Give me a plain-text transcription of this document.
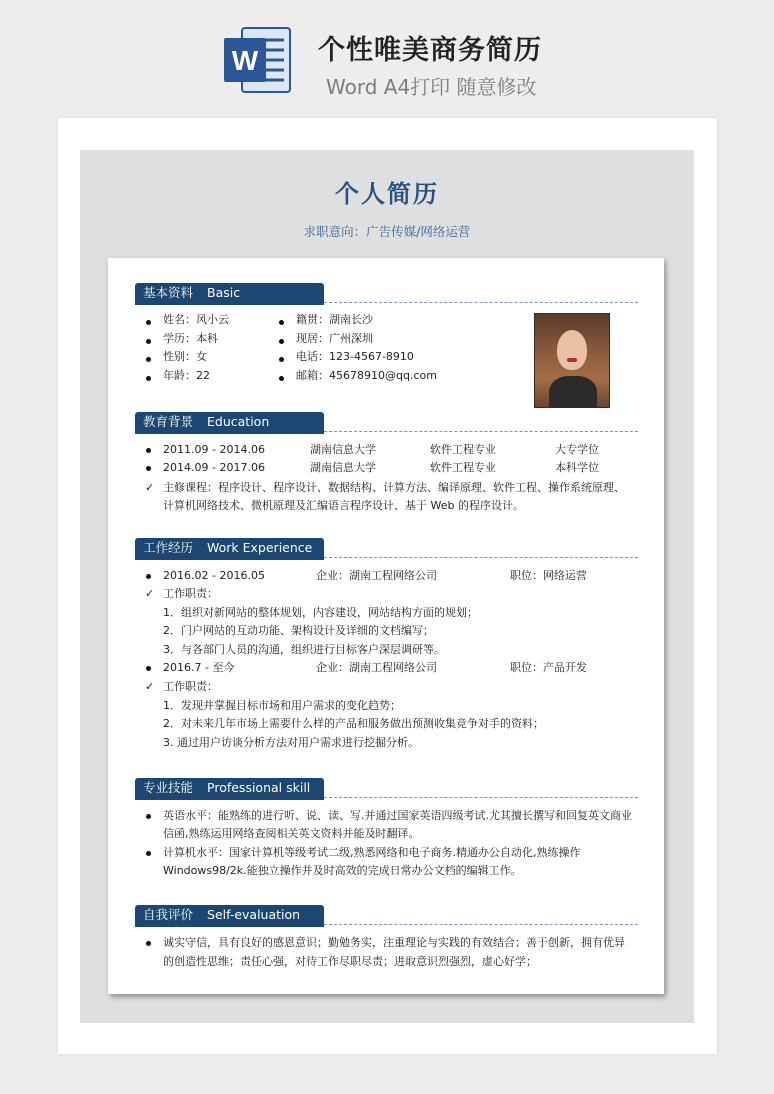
W 个性唯美商务简历
Word A4打印 随意修改
个人简历
求职意向：广告传媒/网络运营
基本资料 Basic
姓名：风小云
学历：本科
性别：女
年龄：22
籍贯：湖南长沙
现居：广州深圳
电话：123-4567-8910
邮箱：45678910@qq.com
教育背景 Education
2011.09 - 2014.06	湖南信息大学	软件工程专业	大专学位
2014.09 - 2017.06	湖南信息大学	软件工程专业	本科学位
✓ 主修课程：程序设计、程序设计、数据结构、计算方法、编译原理、软件工程、操作系统原理、
计算机网络技术、微机原理及汇编语言程序设计、基于 Web 的程序设计。
工作经历 Work Experience
2016.02 - 2016.05	企业：湖南工程网络公司	职位：网络运营
✓ 工作职责：
1．组织对新网站的整体规划，内容建设，网站结构方面的规划；
2．门户网站的互动功能、架构设计及详细的文档编写；
3．与各部门人员的沟通，组织进行目标客户深层调研等。
2016.7 - 至今	企业：湖南工程网络公司	职位：产品开发
✓ 工作职责：
1．发现并掌握目标市场和用户需求的变化趋势；
2．对未来几年市场上需要什么样的产品和服务做出预测收集竞争对手的资料；
3. 通过用户访谈分析方法对用户需求进行挖掘分析。
专业技能 Professional skill
英语水平：能熟练的进行听、说、读、写.并通过国家英语四级考试.尤其擅长撰写和回复英文商业
信函,熟练运用网络查阅相关英文资料并能及时翻译。
计算机水平：国家计算机等级考试二级,熟悉网络和电子商务.精通办公自动化,熟练操作
Windows98/2k.能独立操作并及时高效的完成日常办公文档的编辑工作。
自我评价 Self-evaluation
诚实守信，具有良好的感恩意识；勤勉务实，注重理论与实践的有效结合；善于创新，拥有优异
的创造性思维；责任心强，对待工作尽职尽责；进取意识烈强烈，虚心好学；
